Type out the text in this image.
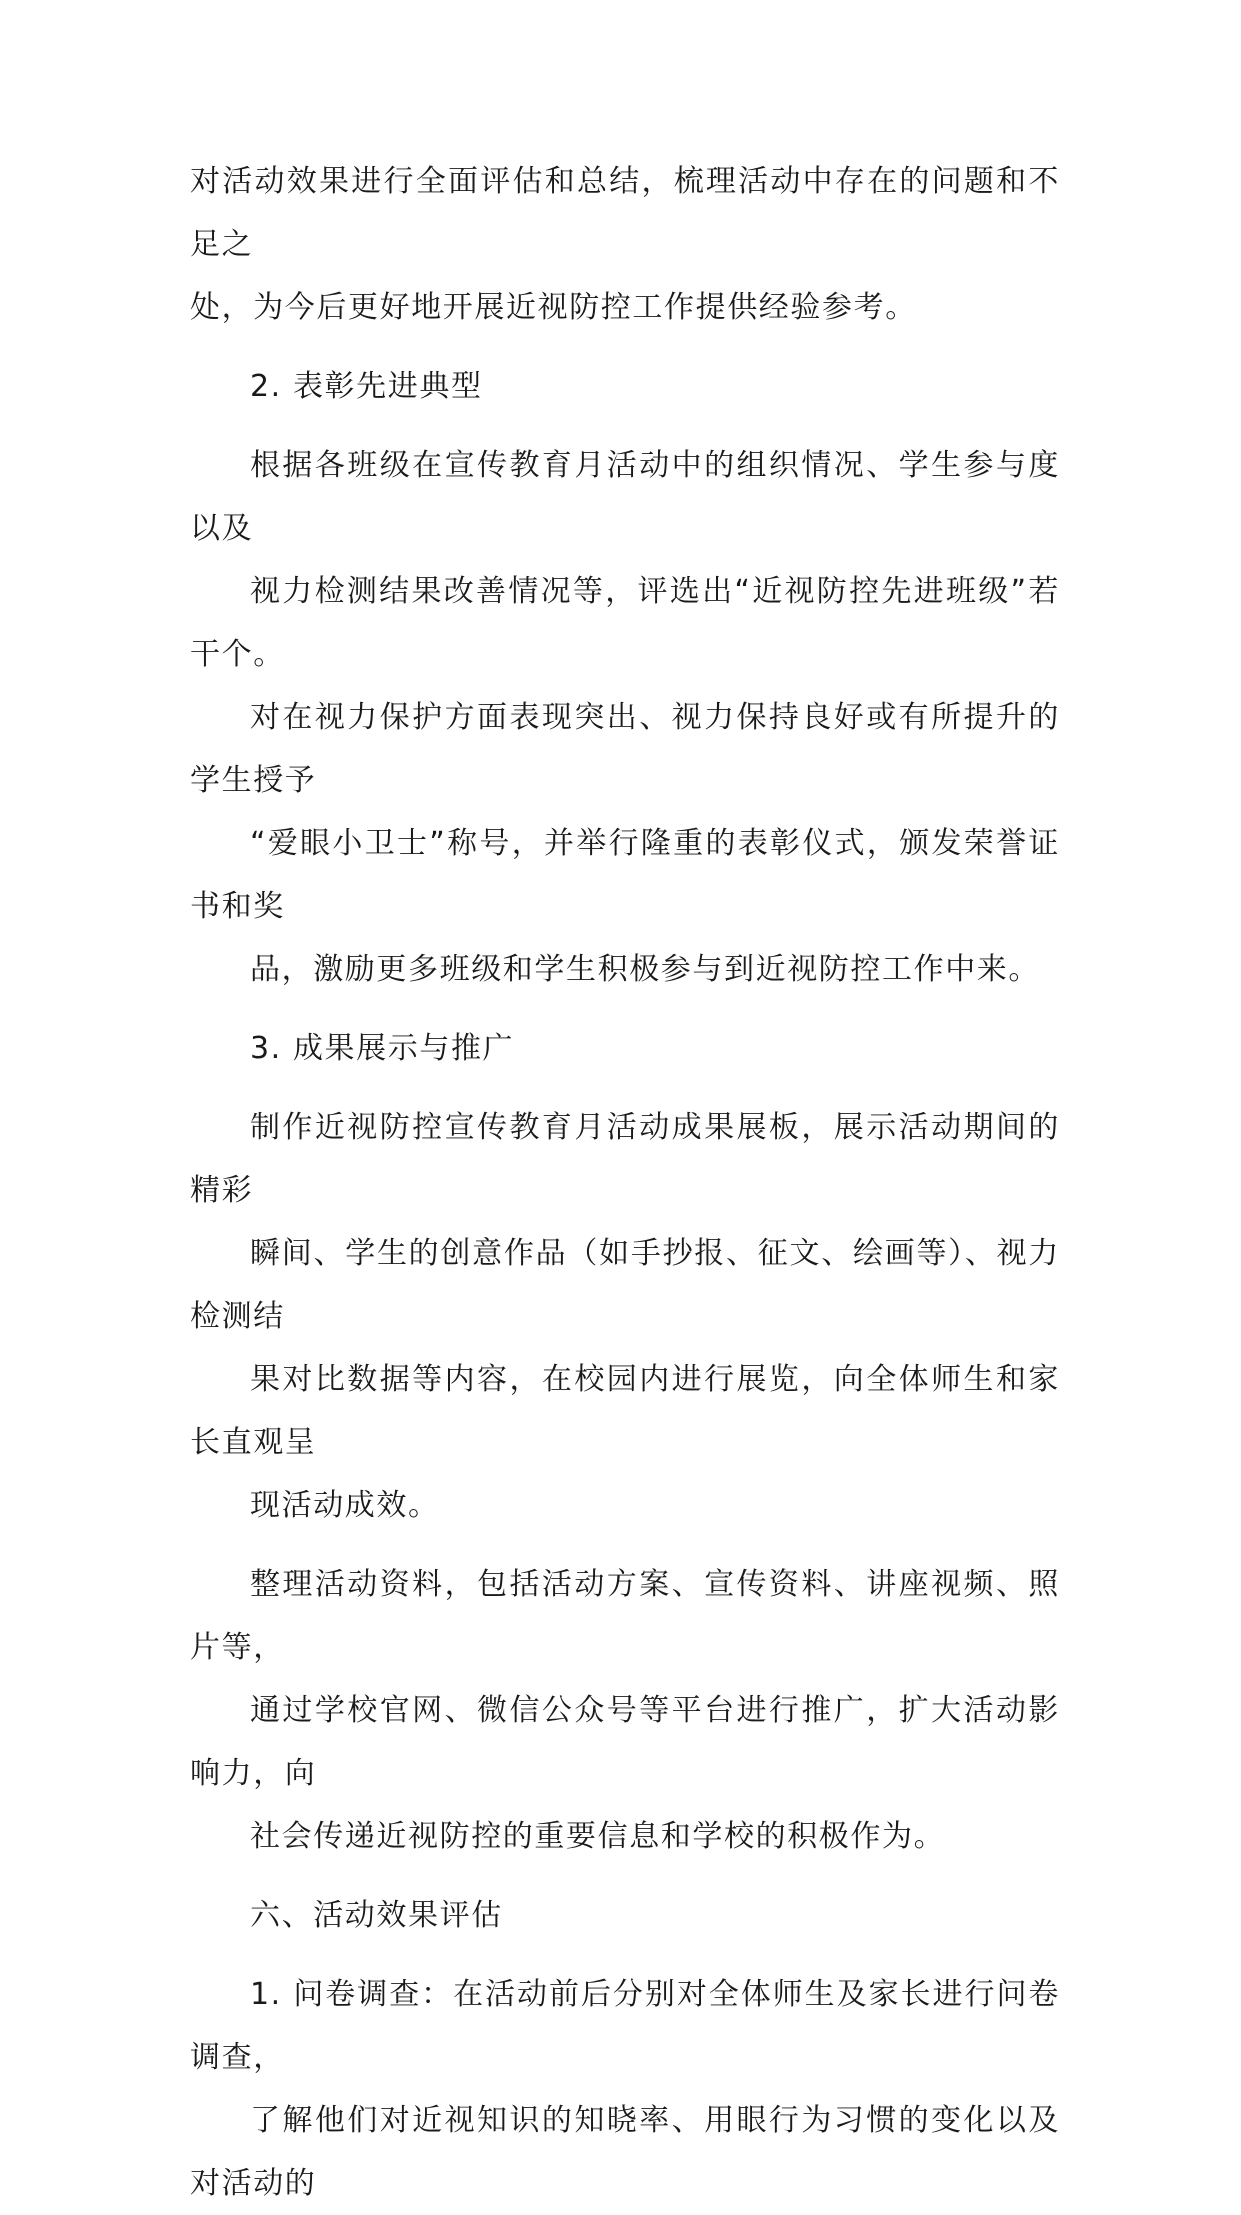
对活动效果进行全面评估和总结，梳理活动中存在的问题和不足之
处，为今后更好地开展近视防控工作提供经验参考。

2. 表彰先进典型

根据各班级在宣传教育月活动中的组织情况、学生参与度以及
视力检测结果改善情况等，评选出“近视防控先进班级”若干个。
对在视力保护方面表现突出、视力保持良好或有所提升的学生授予
“爱眼小卫士”称号，并举行隆重的表彰仪式，颁发荣誉证书和奖
品，激励更多班级和学生积极参与到近视防控工作中来。

3. 成果展示与推广

制作近视防控宣传教育月活动成果展板，展示活动期间的精彩
瞬间、学生的创意作品（如手抄报、征文、绘画等）、视力检测结
果对比数据等内容，在校园内进行展览，向全体师生和家长直观呈
现活动成效。

整理活动资料，包括活动方案、宣传资料、讲座视频、照片等，
通过学校官网、微信公众号等平台进行推广，扩大活动影响力，向
社会传递近视防控的重要信息和学校的积极作为。

六、活动效果评估

1. 问卷调查：在活动前后分别对全体师生及家长进行问卷调查，
了解他们对近视知识的知晓率、用眼行为习惯的变化以及对活动的
